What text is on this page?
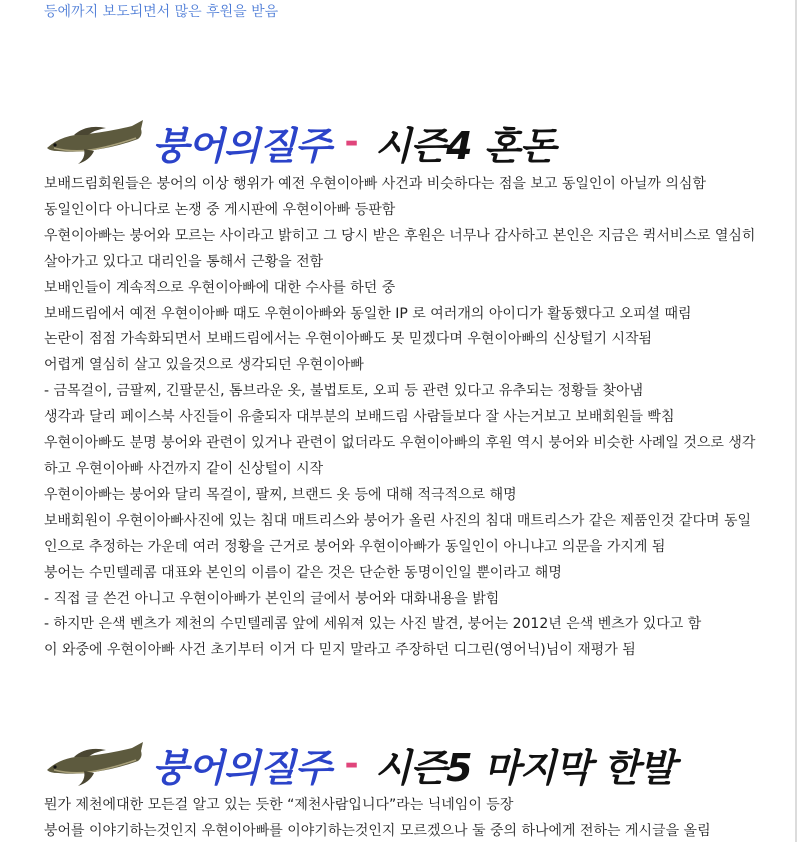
등에까지 보도되면서 많은 후원을 받음
붕어의질주 - 시즌4 혼돈

보배드림회원들은 붕어의 이상 행위가 예전 우현이아빠 사건과 비슷하다는 점을 보고 동일인이 아닐까 의심함

동일인이다 아니다로 논쟁 중 게시판에 우현이아빠 등판함

우현이아빠는 붕어와 모르는 사이라고 밝히고 그 당시 받은 후원은 너무나 감사하고 본인은 지금은 퀵서비스로 열심히 살아가고 있다고 대리인을 통해서 근황을 전함

보배인들이 계속적으로 우현이아빠에 대한 수사를 하던 중

보배드림에서 예전 우현이아빠 때도 우현이아빠와 동일한 IP 로 여러개의 아이디가 활동했다고 오피셜 때림

논란이 점점 가속화되면서 보배드림에서는 우현이아빠도 못 믿겠다며 우현이아빠의 신상털기 시작됨

어렵게 열심히 살고 있을것으로 생각되던 우현이아빠

- 금목걸이, 금팔찌, 긴팔문신, 톰브라운 옷, 불법토토, 오피 등 관련 있다고 유추되는 정황들 찾아냄

생각과 달리 페이스북 사진들이 유출되자 대부분의 보배드림 사람들보다 잘 사는거보고 보배회원들 빡침

우현이아빠도 분명 붕어와 관련이 있거나 관련이 없더라도 우현이아빠의 후원 역시 붕어와 비슷한 사례일 것으로 생각하고 우현이아빠 사건까지 같이 신상털이 시작

우현이아빠는 붕어와 달리 목걸이, 팔찌, 브랜드 옷 등에 대해 적극적으로 해명

보배회원이 우현이아빠사진에 있는 침대 매트리스와 붕어가 올린 사진의 침대 매트리스가 같은 제품인것 같다며 동일인으로 추정하는 가운데 여러 정황을 근거로 붕어와 우현이아빠가 동일인이 아니냐고 의문을 가지게 됨

붕어는 수민텔레콤 대표와 본인의 이름이 같은 것은 단순한 동명이인일 뿐이라고 해명

- 직접 글 쓴건 아니고 우현이아빠가 본인의 글에서 붕어와 대화내용을 밝힘

- 하지만 은색 벤츠가 제천의 수민텔레콤 앞에 세워져 있는 사진 발견, 붕어는 2012년 은색 벤츠가 있다고 함

이 와중에 우현이아빠 사건 초기부터 이거 다 믿지 말라고 주장하던 디그린(영어닉)님이 재평가 됨

붕어의질주 - 시즌5 마지막 한발

뭔가 제천에대한 모든걸 알고 있는 듯한 “제천사람입니다”라는 닉네임이 등장

붕어를 이야기하는것인지 우현이아빠를 이야기하는것인지 모르겠으나 둘 중의 하나에게 전하는 게시글을 올림
